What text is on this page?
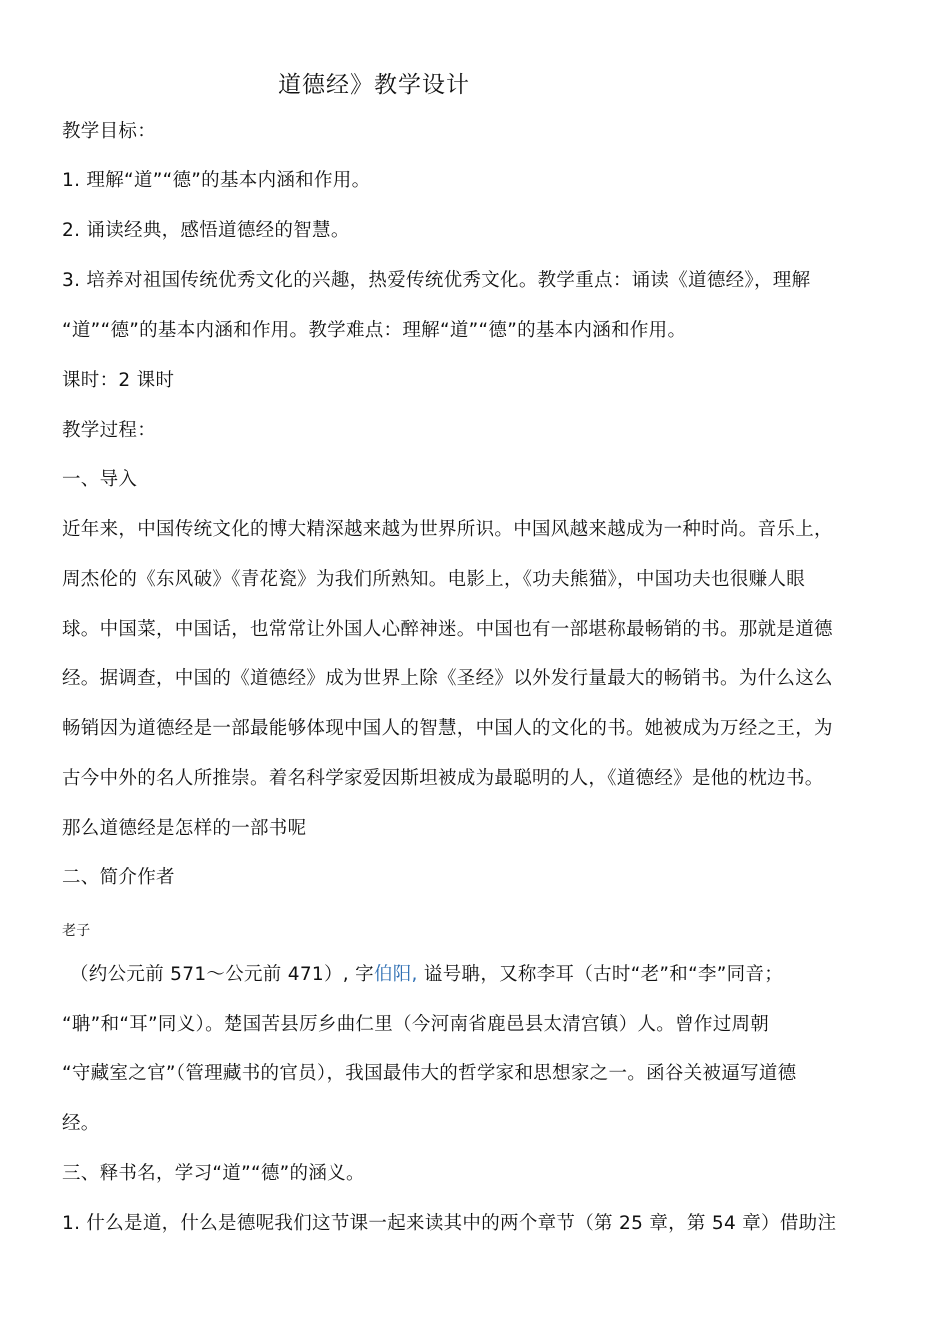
道德经》教学设计
教学目标：
1. 理解“道”“德”的基本内涵和作用。
2. 诵读经典，感悟道德经的智慧。
3. 培养对祖国传统优秀文化的兴趣，热爱传统优秀文化。教学重点：诵读《道德经》，理解
“道”“德”的基本内涵和作用。教学难点：理解“道”“德”的基本内涵和作用。
课时：2 课时
教学过程：
一、导入
近年来，中国传统文化的博大精深越来越为世界所识。中国风越来越成为一种时尚。音乐上，
周杰伦的《东风破》《青花瓷》为我们所熟知。电影上，《功夫熊猫》，中国功夫也很赚人眼
球。中国菜，中国话，也常常让外国人心醉神迷。中国也有一部堪称最畅销的书。那就是道德
经。据调查，中国的《道德经》成为世界上除《圣经》以外发行量最大的畅销书。为什么这么
畅销因为道德经是一部最能够体现中国人的智慧，中国人的文化的书。她被成为万经之王，为
古今中外的名人所推崇。着名科学家爱因斯坦被成为最聪明的人，《道德经》是他的枕边书。
那么道德经是怎样的一部书呢
二、简介作者
老子
（约公元前 571～公元前 471）, 字伯阳, 谥号聃，又称李耳（古时“老”和“李”同音；
“聃”和“耳”同义）。楚国苦县厉乡曲仁里（今河南省鹿邑县太清宫镇）人。曾作过周朝
“守藏室之官”（管理藏书的官员），我国最伟大的哲学家和思想家之一。函谷关被逼写道德
经。
三、释书名，学习“道”“德”的涵义。
1. 什么是道，什么是德呢我们这节课一起来读其中的两个章节（第 25 章，第 54 章）借助注
